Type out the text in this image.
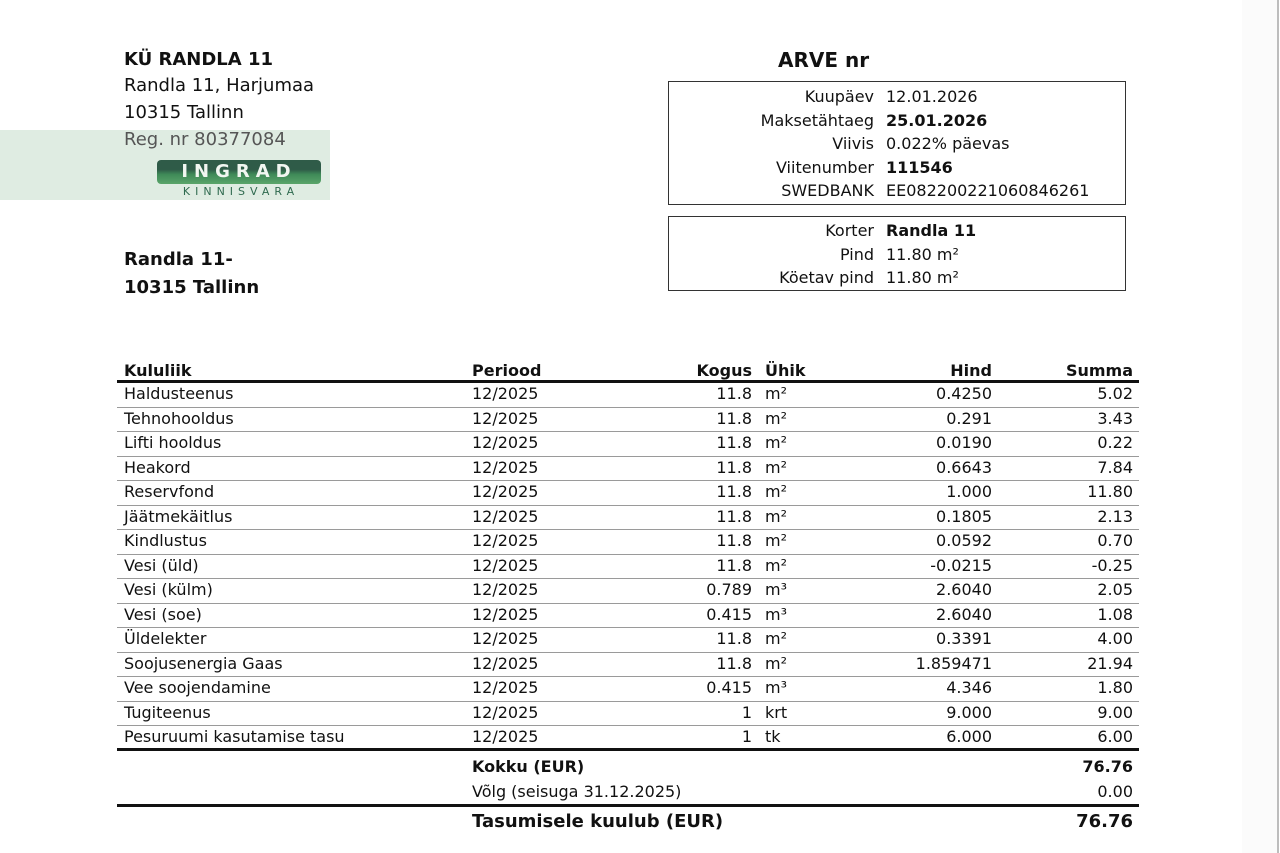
INGRAD
KINNISVARA
KÜ RANDLA 11
Randla 11, Harjumaa
10315 Tallinn
Reg. nr 80377084
Randla 11-
10315 Tallinn
ARVE nr
Kuupäev 12.01.2026
Maksetähtaeg 25.01.2026
Viivis 0.022% päevas
Viitenumber 111546
SWEDBANK EE082200221060846261
Korter Randla 11
Pind 11.80 m²
Köetav pind 11.80 m²
Kululiik	Periood	Kogus Ühik	Hind	Summa
Haldusteenus	12/2025	11.8 m²	0.4250	5.02
Tehnohooldus	12/2025	11.8 m²	0.291	3.43
Lifti hooldus	12/2025	11.8 m²	0.0190	0.22
Heakord	12/2025	11.8 m²	0.6643	7.84
Reservfond	12/2025	11.8 m²	1.000	11.80
Jäätmekäitlus	12/2025	11.8 m²	0.1805	2.13
Kindlustus	12/2025	11.8 m²	0.0592	0.70
Vesi (üld)	12/2025	11.8 m²	-0.0215	-0.25
Vesi (külm)	12/2025	0.789 m³	2.6040	2.05
Vesi (soe)	12/2025	0.415 m³	2.6040	1.08
Üldelekter	12/2025	11.8 m²	0.3391	4.00
Soojusenergia Gaas	12/2025	11.8 m²	1.859471	21.94
Vee soojendamine	12/2025	0.415 m³	4.346	1.80
Tugiteenus	12/2025	1 krt	9.000	9.00
Pesuruumi kasutamise tasu	12/2025	1 tk	6.000	6.00
Kokku (EUR)	76.76
Võlg (seisuga 31.12.2025)	0.00
Tasumisele kuulub (EUR)	76.76
